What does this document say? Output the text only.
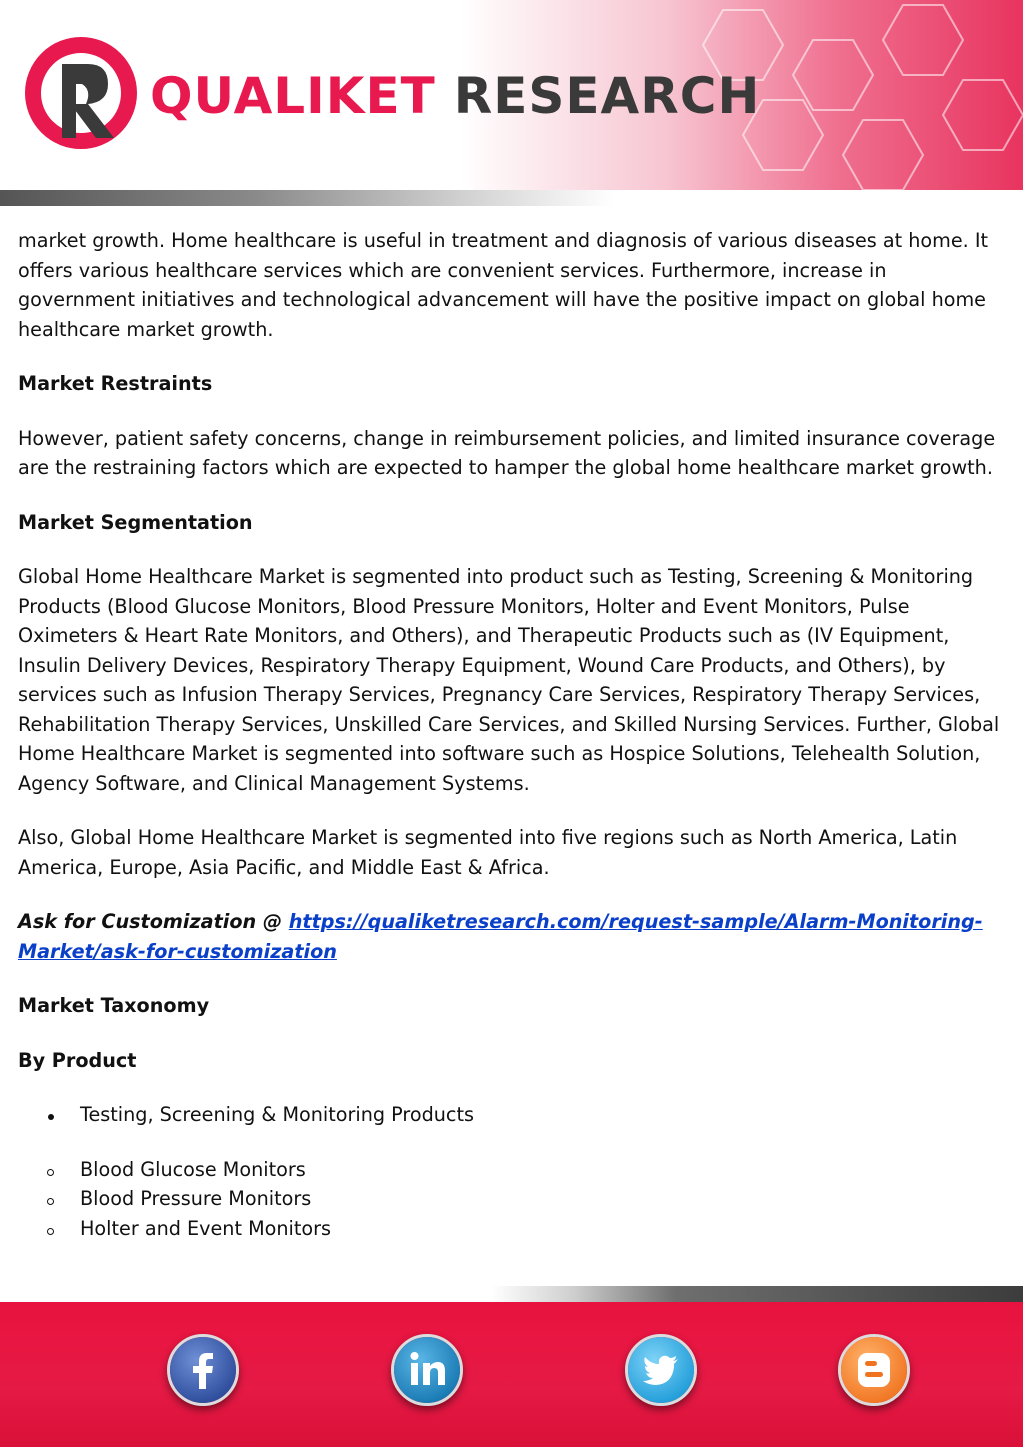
QUALIKET RESEARCH

market growth. Home healthcare is useful in treatment and diagnosis of various diseases at home. It offers various healthcare services which are convenient services. Furthermore, increase in government initiatives and technological advancement will have the positive impact on global home healthcare market growth.

Market Restraints

However, patient safety concerns, change in reimbursement policies, and limited insurance coverage are the restraining factors which are expected to hamper the global home healthcare market growth.

Market Segmentation

Global Home Healthcare Market is segmented into product such as Testing, Screening & Monitoring Products (Blood Glucose Monitors, Blood Pressure Monitors, Holter and Event Monitors, Pulse Oximeters & Heart Rate Monitors, and Others), and Therapeutic Products such as (IV Equipment, Insulin Delivery Devices, Respiratory Therapy Equipment, Wound Care Products, and Others), by services such as Infusion Therapy Services, Pregnancy Care Services, Respiratory Therapy Services, Rehabilitation Therapy Services, Unskilled Care Services, and Skilled Nursing Services. Further, Global Home Healthcare Market is segmented into software such as Hospice Solutions, Telehealth Solution, Agency Software, and Clinical Management Systems.

Also, Global Home Healthcare Market is segmented into five regions such as North America, Latin America, Europe, Asia Pacific, and Middle East & Africa.

Ask for Customization @ https://qualiketresearch.com/request-sample/Alarm-Monitoring-Market/ask-for-customization

Market Taxonomy
By Product
Testing, Screening & Monitoring Products
Blood Glucose Monitors
Blood Pressure Monitors
Holter and Event Monitors
